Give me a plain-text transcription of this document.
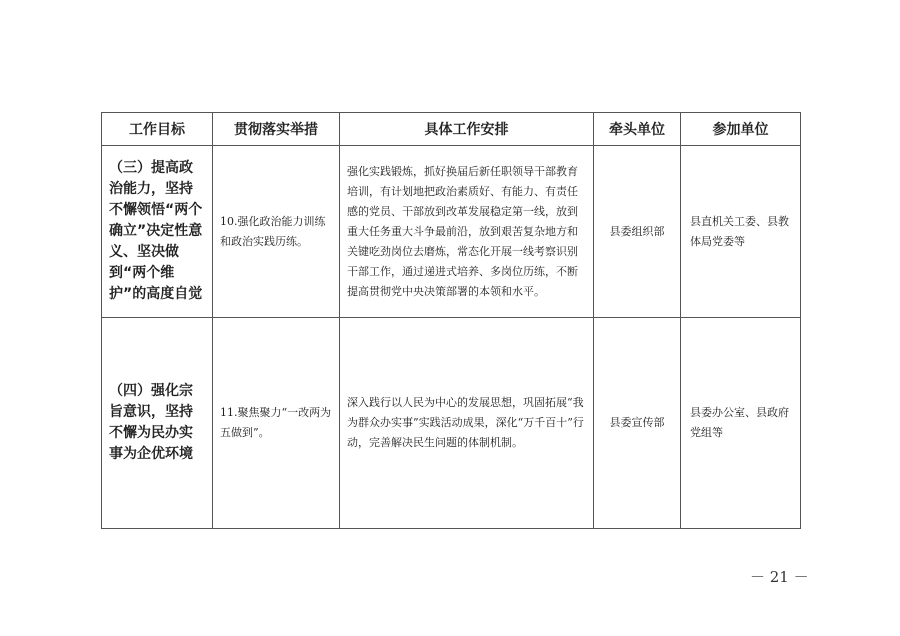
工作目标	贯彻落实举措	具体工作安排	牵头单位	参加单位
（三）提高政治能力，坚持不懈领悟“两个确立”决定性意义、坚决做到“两个维护”的高度自觉	10.强化政治能力训练和政治实践历练。	强化实践锻炼，抓好换届后新任职领导干部教育培训，有计划地把政治素质好、有能力、有责任感的党员、干部放到改革发展稳定第一线，放到重大任务重大斗争最前沿，放到艰苦复杂地方和关键吃劲岗位去磨炼，常态化开展一线考察识别干部工作，通过递进式培养、多岗位历练，不断提高贯彻党中央决策部署的本领和水平。	县委组织部	县直机关工委、县教体局党委等
（四）强化宗旨意识，坚持不懈为民办实事为企优环境	11.聚焦聚力“一改两为五做到”。	深入践行以人民为中心的发展思想，巩固拓展“我为群众办实事”实践活动成果，深化“万千百十”行动，完善解决民生问题的体制机制。	县委宣传部	县委办公室、县政府党组等
－ 21 －
